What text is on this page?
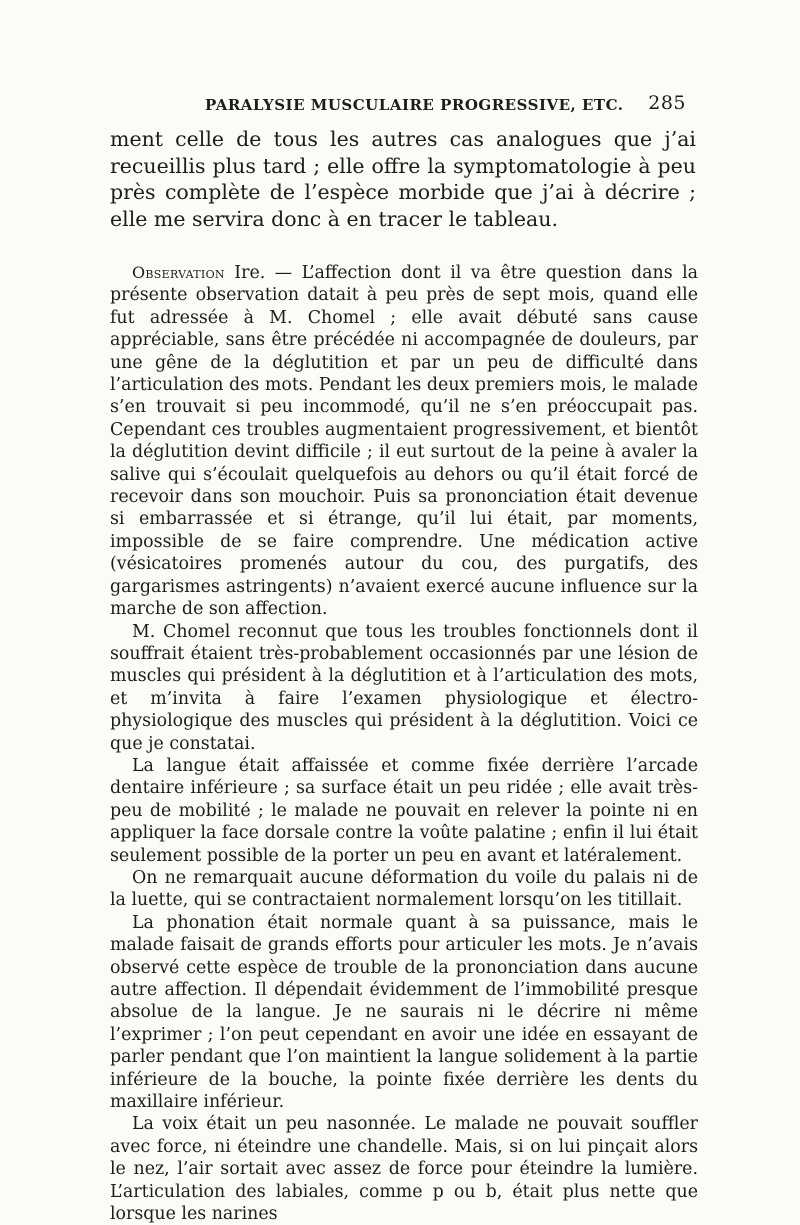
PARALYSIE MUSCULAIRE PROGRESSIVE, ETC. 285

ment celle de tous les autres cas analogues que j’ai recueillis plus tard ; elle offre la symptomatologie à peu près complète de l’espèce morbide que j’ai à décrire ; elle me servira donc à en tracer le tableau.

Observation Ire. — L’affection dont il va être question dans la présente observation datait à peu près de sept mois, quand elle fut adressée à M. Chomel ; elle avait débuté sans cause appréciable, sans être précédée ni accompagnée de douleurs, par une gêne de la déglutition et par un peu de difficulté dans l’articulation des mots. Pendant les deux premiers mois, le malade s’en trouvait si peu incommodé, qu’il ne s’en préoccupait pas. Cependant ces troubles augmentaient progressivement, et bientôt la déglutition devint difficile ; il eut surtout de la peine à avaler la salive qui s’écoulait quelquefois au dehors ou qu’il était forcé de recevoir dans son mouchoir. Puis sa prononciation était devenue si embarrassée et si étrange, qu’il lui était, par moments, impossible de se faire comprendre. Une médication active (vésicatoires promenés autour du cou, des purgatifs, des gargarismes astringents) n’avaient exercé aucune influence sur la marche de son affection.

M. Chomel reconnut que tous les troubles fonctionnels dont il souffrait étaient très-probablement occasionnés par une lésion de muscles qui président à la déglutition et à l’articulation des mots, et m’invita à faire l’examen physiologique et électro-physiologique des muscles qui président à la déglutition. Voici ce que je constatai.

La langue était affaissée et comme fixée derrière l’arcade dentaire inférieure ; sa surface était un peu ridée ; elle avait très-peu de mobilité ; le malade ne pouvait en relever la pointe ni en appliquer la face dorsale contre la voûte palatine ; enfin il lui était seulement possible de la porter un peu en avant et latéralement.

On ne remarquait aucune déformation du voile du palais ni de la luette, qui se contractaient normalement lorsqu’on les titillait.

La phonation était normale quant à sa puissance, mais le malade faisait de grands efforts pour articuler les mots. Je n’avais observé cette espèce de trouble de la prononciation dans aucune autre affection. Il dépendait évidemment de l’immobilité presque absolue de la langue. Je ne saurais ni le décrire ni même l’exprimer ; l’on peut cependant en avoir une idée en essayant de parler pendant que l’on maintient la langue solidement à la partie inférieure de la bouche, la pointe fixée derrière les dents du maxillaire inférieur.

La voix était un peu nasonnée. Le malade ne pouvait souffler avec force, ni éteindre une chandelle. Mais, si on lui pinçait alors le nez, l’air sortait avec assez de force pour éteindre la lumière. L’articulation des labiales, comme p ou b, était plus nette que lorsque les narines
